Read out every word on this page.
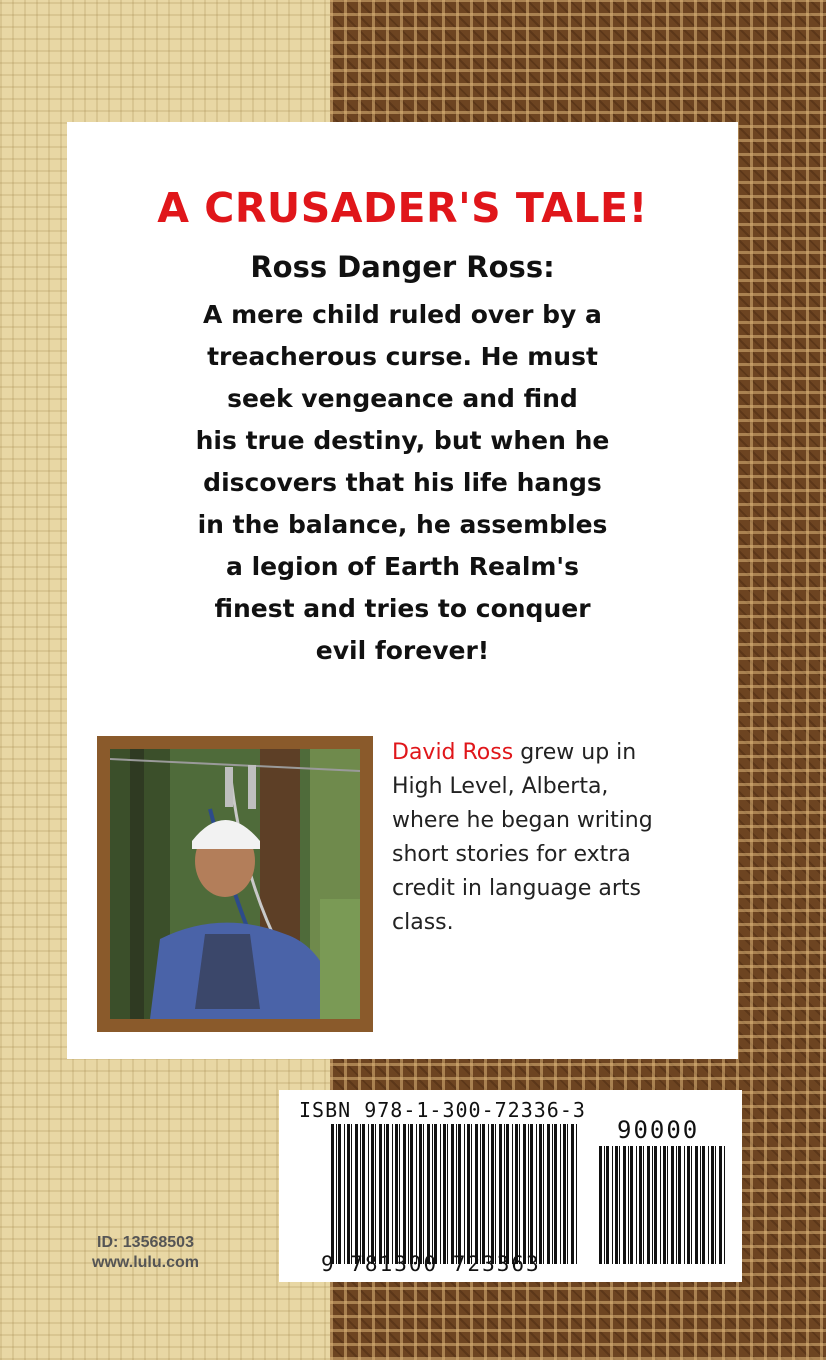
A CRUSADER'S TALE!
Ross Danger Ross:
A mere child ruled over by a
treacherous curse. He must
seek vengeance and find
his true destiny, but when he
discovers that his life hangs
in the balance, he assembles
a legion of Earth Realm's
finest and tries to conquer
evil forever!
David Ross grew up in
High Level, Alberta,
where he began writing
short stories for extra
credit in language arts
class.
ISBN 978-1-300-72336-3
90000
9 781300 723363
ID: 13568503
www.lulu.com
